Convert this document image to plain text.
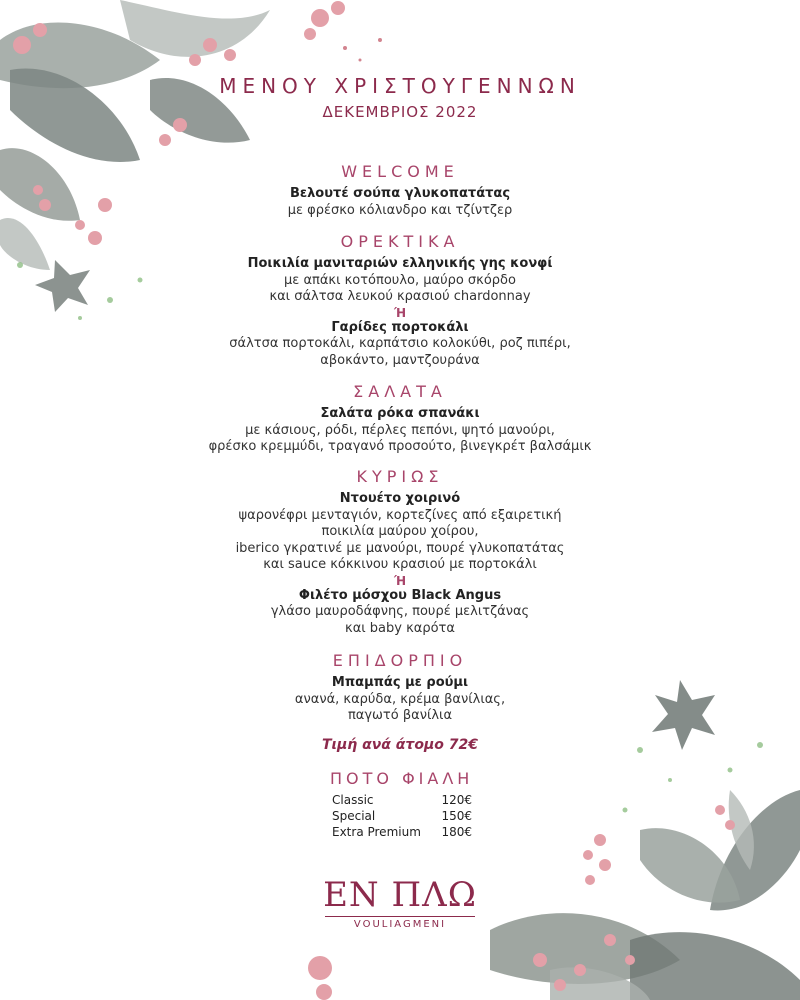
ΜΕΝΟΥ ΧΡΙΣΤΟΥΓΕΝΝΩΝ
ΔΕΚΕΜΒΡΙΟΣ 2022
WELCOME
Βελουτέ σούπα γλυκοπατάτας
με φρέσκο κόλιανδρο και τζίντζερ
ΟΡΕΚΤΙΚΑ
Ποικιλία μανιταριών ελληνικής γης κονφί
με απάκι κοτόπουλο, μαύρο σκόρδο
και σάλτσα λευκού κρασιού chardonnay
Ή
Γαρίδες πορτοκάλι
σάλτσα πορτοκάλι, καρπάτσιο κολοκύθι, ροζ πιπέρι,
αβοκάντο, μαντζουράνα
ΣΑΛΑΤΑ
Σαλάτα ρόκα σπανάκι
με κάσιους, ρόδι, πέρλες πεπόνι, ψητό μανούρι,
φρέσκο κρεμμύδι, τραγανό προσούτο, βινεγκρέτ βαλσάμικ
ΚΥΡΙΩΣ
Ντουέτο χοιρινό
ψαρονέφρι μενταγιόν, κορτεζίνες από εξαιρετική
ποικιλία μαύρου χοίρου,
iberico γκρατινέ με μανούρι, πουρέ γλυκοπατάτας
και sauce κόκκινου κρασιού με πορτοκάλι
Ή
Φιλέτο μόσχου Black Angus
γλάσο μαυροδάφνης, πουρέ μελιτζάνας
και baby καρότα
ΕΠΙΔΟΡΠΙΟ
Μπαμπάς με ρούμι
ανανά, καρύδα, κρέμα βανίλιας,
παγωτό βανίλια
Τιμή ανά άτομο 72€
ΠΟΤΟ ΦΙΑΛΗ
Classic	120€
Special	150€
Extra Premium 180€
ΕΝ ΠΛΩ
VOULIAGMENI
